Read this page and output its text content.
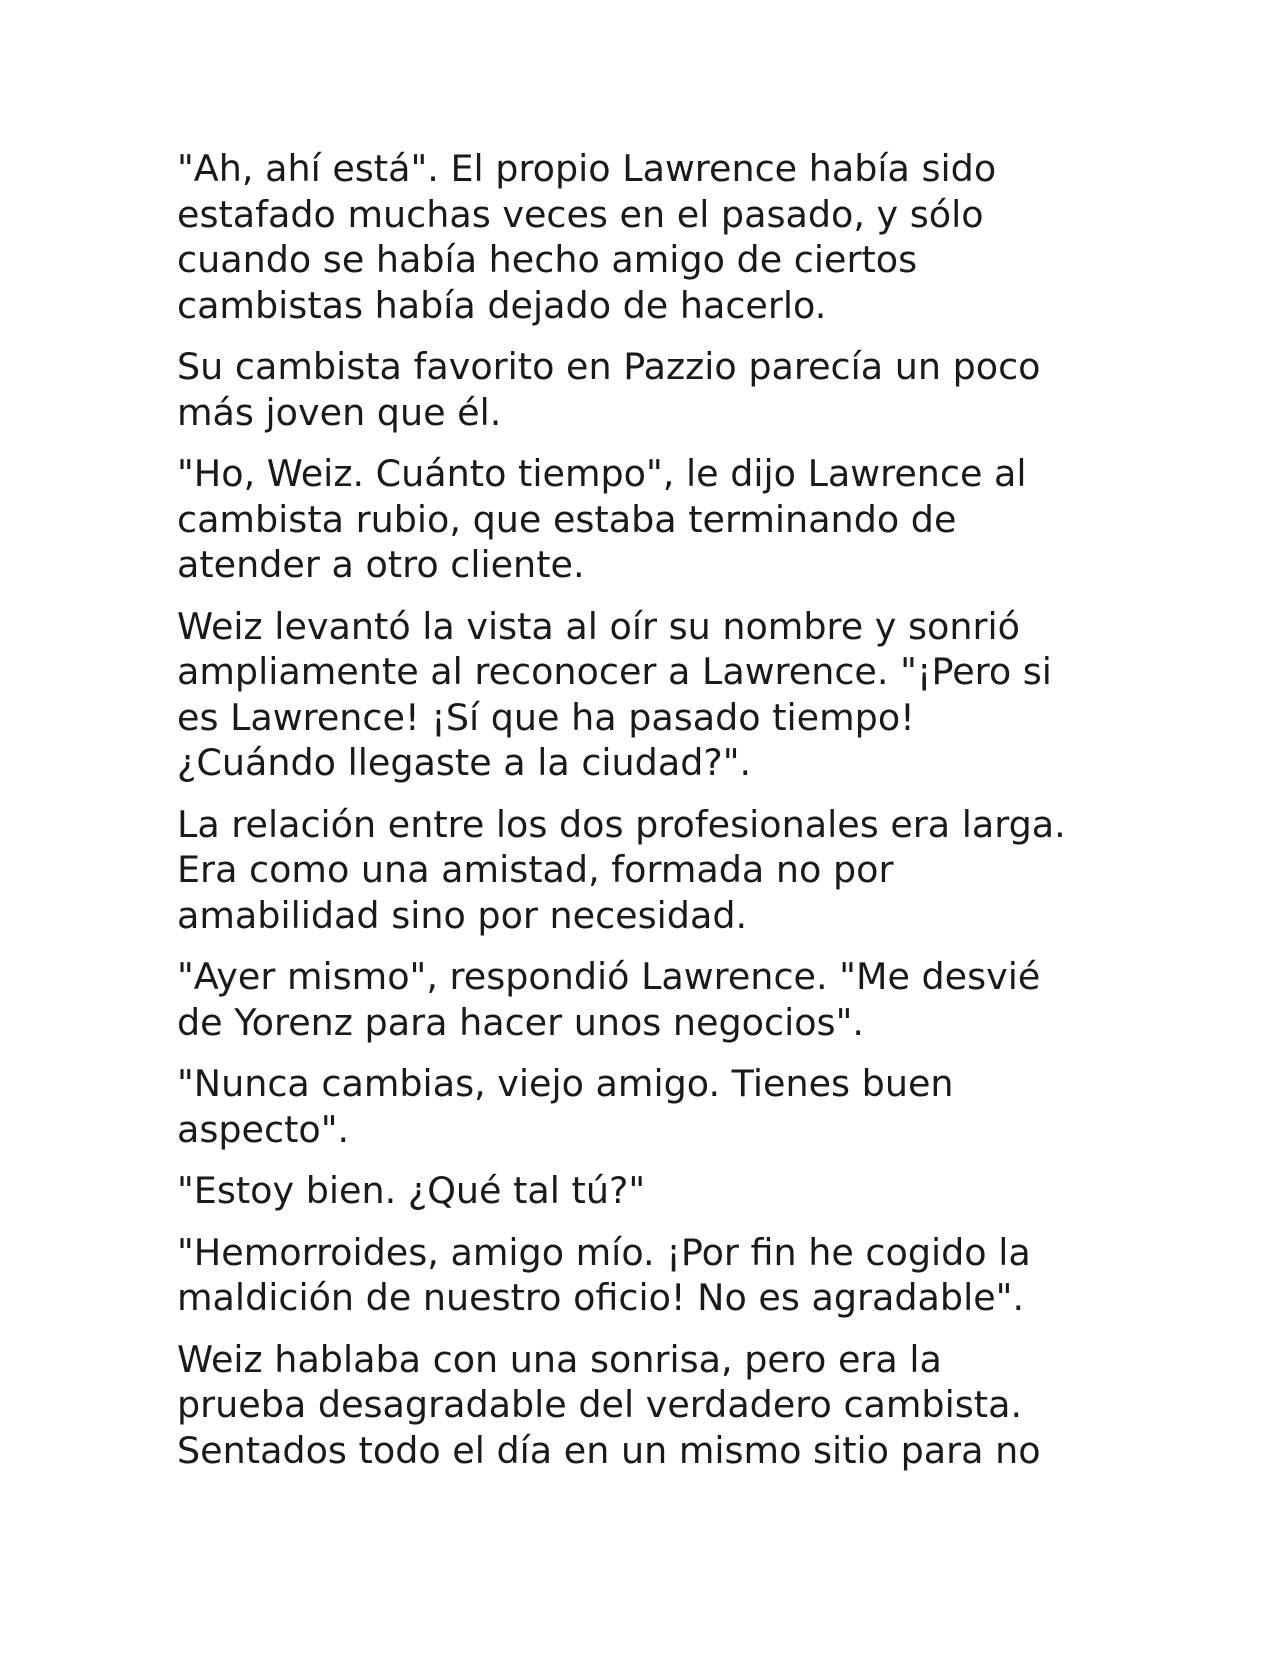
"Ah, ahí está". El propio Lawrence había sido
estafado muchas veces en el pasado, y sólo
cuando se había hecho amigo de ciertos
cambistas había dejado de hacerlo.

Su cambista favorito en Pazzio parecía un poco
más joven que él.

"Ho, Weiz. Cuánto tiempo", le dijo Lawrence al
cambista rubio, que estaba terminando de
atender a otro cliente.

Weiz levantó la vista al oír su nombre y sonrió
ampliamente al reconocer a Lawrence. "¡Pero si
es Lawrence! ¡Sí que ha pasado tiempo!
¿Cuándo llegaste a la ciudad?".

La relación entre los dos profesionales era larga.
Era como una amistad, formada no por
amabilidad sino por necesidad.

"Ayer mismo", respondió Lawrence. "Me desvié
de Yorenz para hacer unos negocios".

"Nunca cambias, viejo amigo. Tienes buen
aspecto".

"Estoy bien. ¿Qué tal tú?"

"Hemorroides, amigo mío. ¡Por fin he cogido la
maldición de nuestro oficio! No es agradable".

Weiz hablaba con una sonrisa, pero era la
prueba desagradable del verdadero cambista.
Sentados todo el día en un mismo sitio para no
